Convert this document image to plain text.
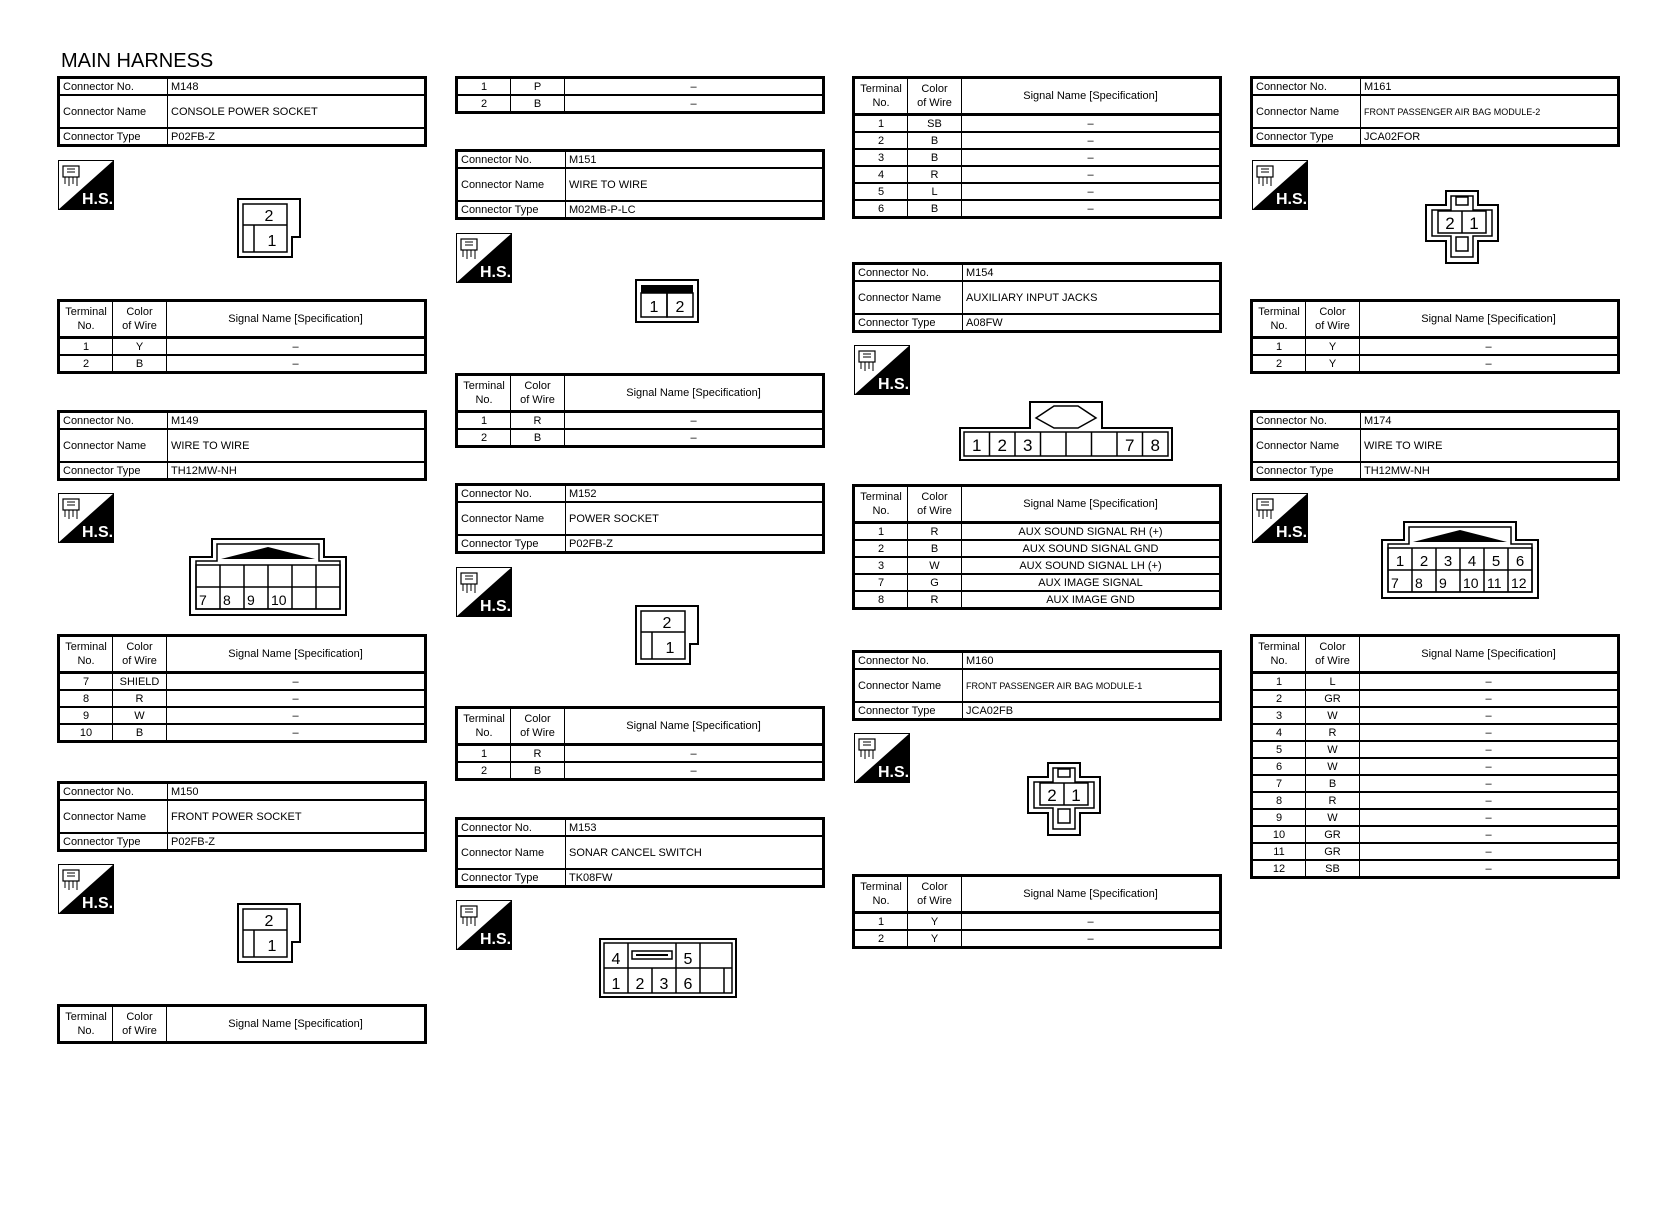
MAIN HARNESS
Connector No.	M148
Connector Name	CONSOLE POWER SOCKET
Connector Type	P02FB-Z
H.S.
2
1
Terminal
No.	Color
of Wire	Signal Name [Specification]
1	Y	–
2	B	–
Connector No.	M149
Connector Name	WIRE TO WIRE
Connector Type	TH12MW-NH
H.S.
7 8 9 10
Terminal
No.	Color
of Wire	Signal Name [Specification]
7	SHIELD	–
8	R	–
9	W	–
10	B	–
Connector No.	M150
Connector Name	FRONT POWER SOCKET
Connector Type	P02FB-Z
H.S.
2
1
Terminal
No.	Color
of Wire	Signal Name [Specification]
1	P	–
2	B	–
Connector No.	M151
Connector Name	WIRE TO WIRE
Connector Type	M02MB-P-LC
H.S.
1 2
Terminal
No.	Color
of Wire	Signal Name [Specification]
1	R	–
2	B	–
Connector No.	M152
Connector Name	POWER SOCKET
Connector Type	P02FB-Z
H.S.
2
1
Terminal
No.	Color
of Wire	Signal Name [Specification]
1	R	–
2	B	–
Connector No.	M153
Connector Name	SONAR CANCEL SWITCH
Connector Type	TK08FW
H.S.
4	5
1 2 3 6
Terminal
No.	Color
of Wire	Signal Name [Specification]
1	SB	–
2	B	–
3	B	–
4	R	–
5	L	–
6	B	–
Connector No.	M154
Connector Name	AUXILIARY INPUT JACKS
Connector Type	A08FW
H.S.
1 2 3	7 8
Terminal
No.	Color
of Wire	Signal Name [Specification]
1	R	AUX SOUND SIGNAL RH (+)
2	B	AUX SOUND SIGNAL GND
3	W	AUX SOUND SIGNAL LH (+)
7	G	AUX IMAGE SIGNAL
8	R	AUX IMAGE GND
Connector No.	M160
Connector Name	FRONT PASSENGER AIR BAG MODULE-1
Connector Type	JCA02FB
H.S.
2 1
Terminal
No.	Color
of Wire	Signal Name [Specification]
1	Y	–
2	Y	–
Connector No.	M161
Connector Name	FRONT PASSENGER AIR BAG MODULE-2
Connector Type	JCA02FOR
H.S.
2 1
Terminal
No.	Color
of Wire	Signal Name [Specification]
1	Y	–
2	Y	–
Connector No.	M174
Connector Name	WIRE TO WIRE
Connector Type	TH12MW-NH
H.S.
1 2 3 4 5 6
7 8 9 10 11 12
Terminal
No.	Color
of Wire	Signal Name [Specification]
1	L	–
2	GR	–
3	W	–
4	R	–
5	W	–
6	W	–
7	B	–
8	R	–
9	W	–
10	GR	–
11	GR	–
12	SB	–
